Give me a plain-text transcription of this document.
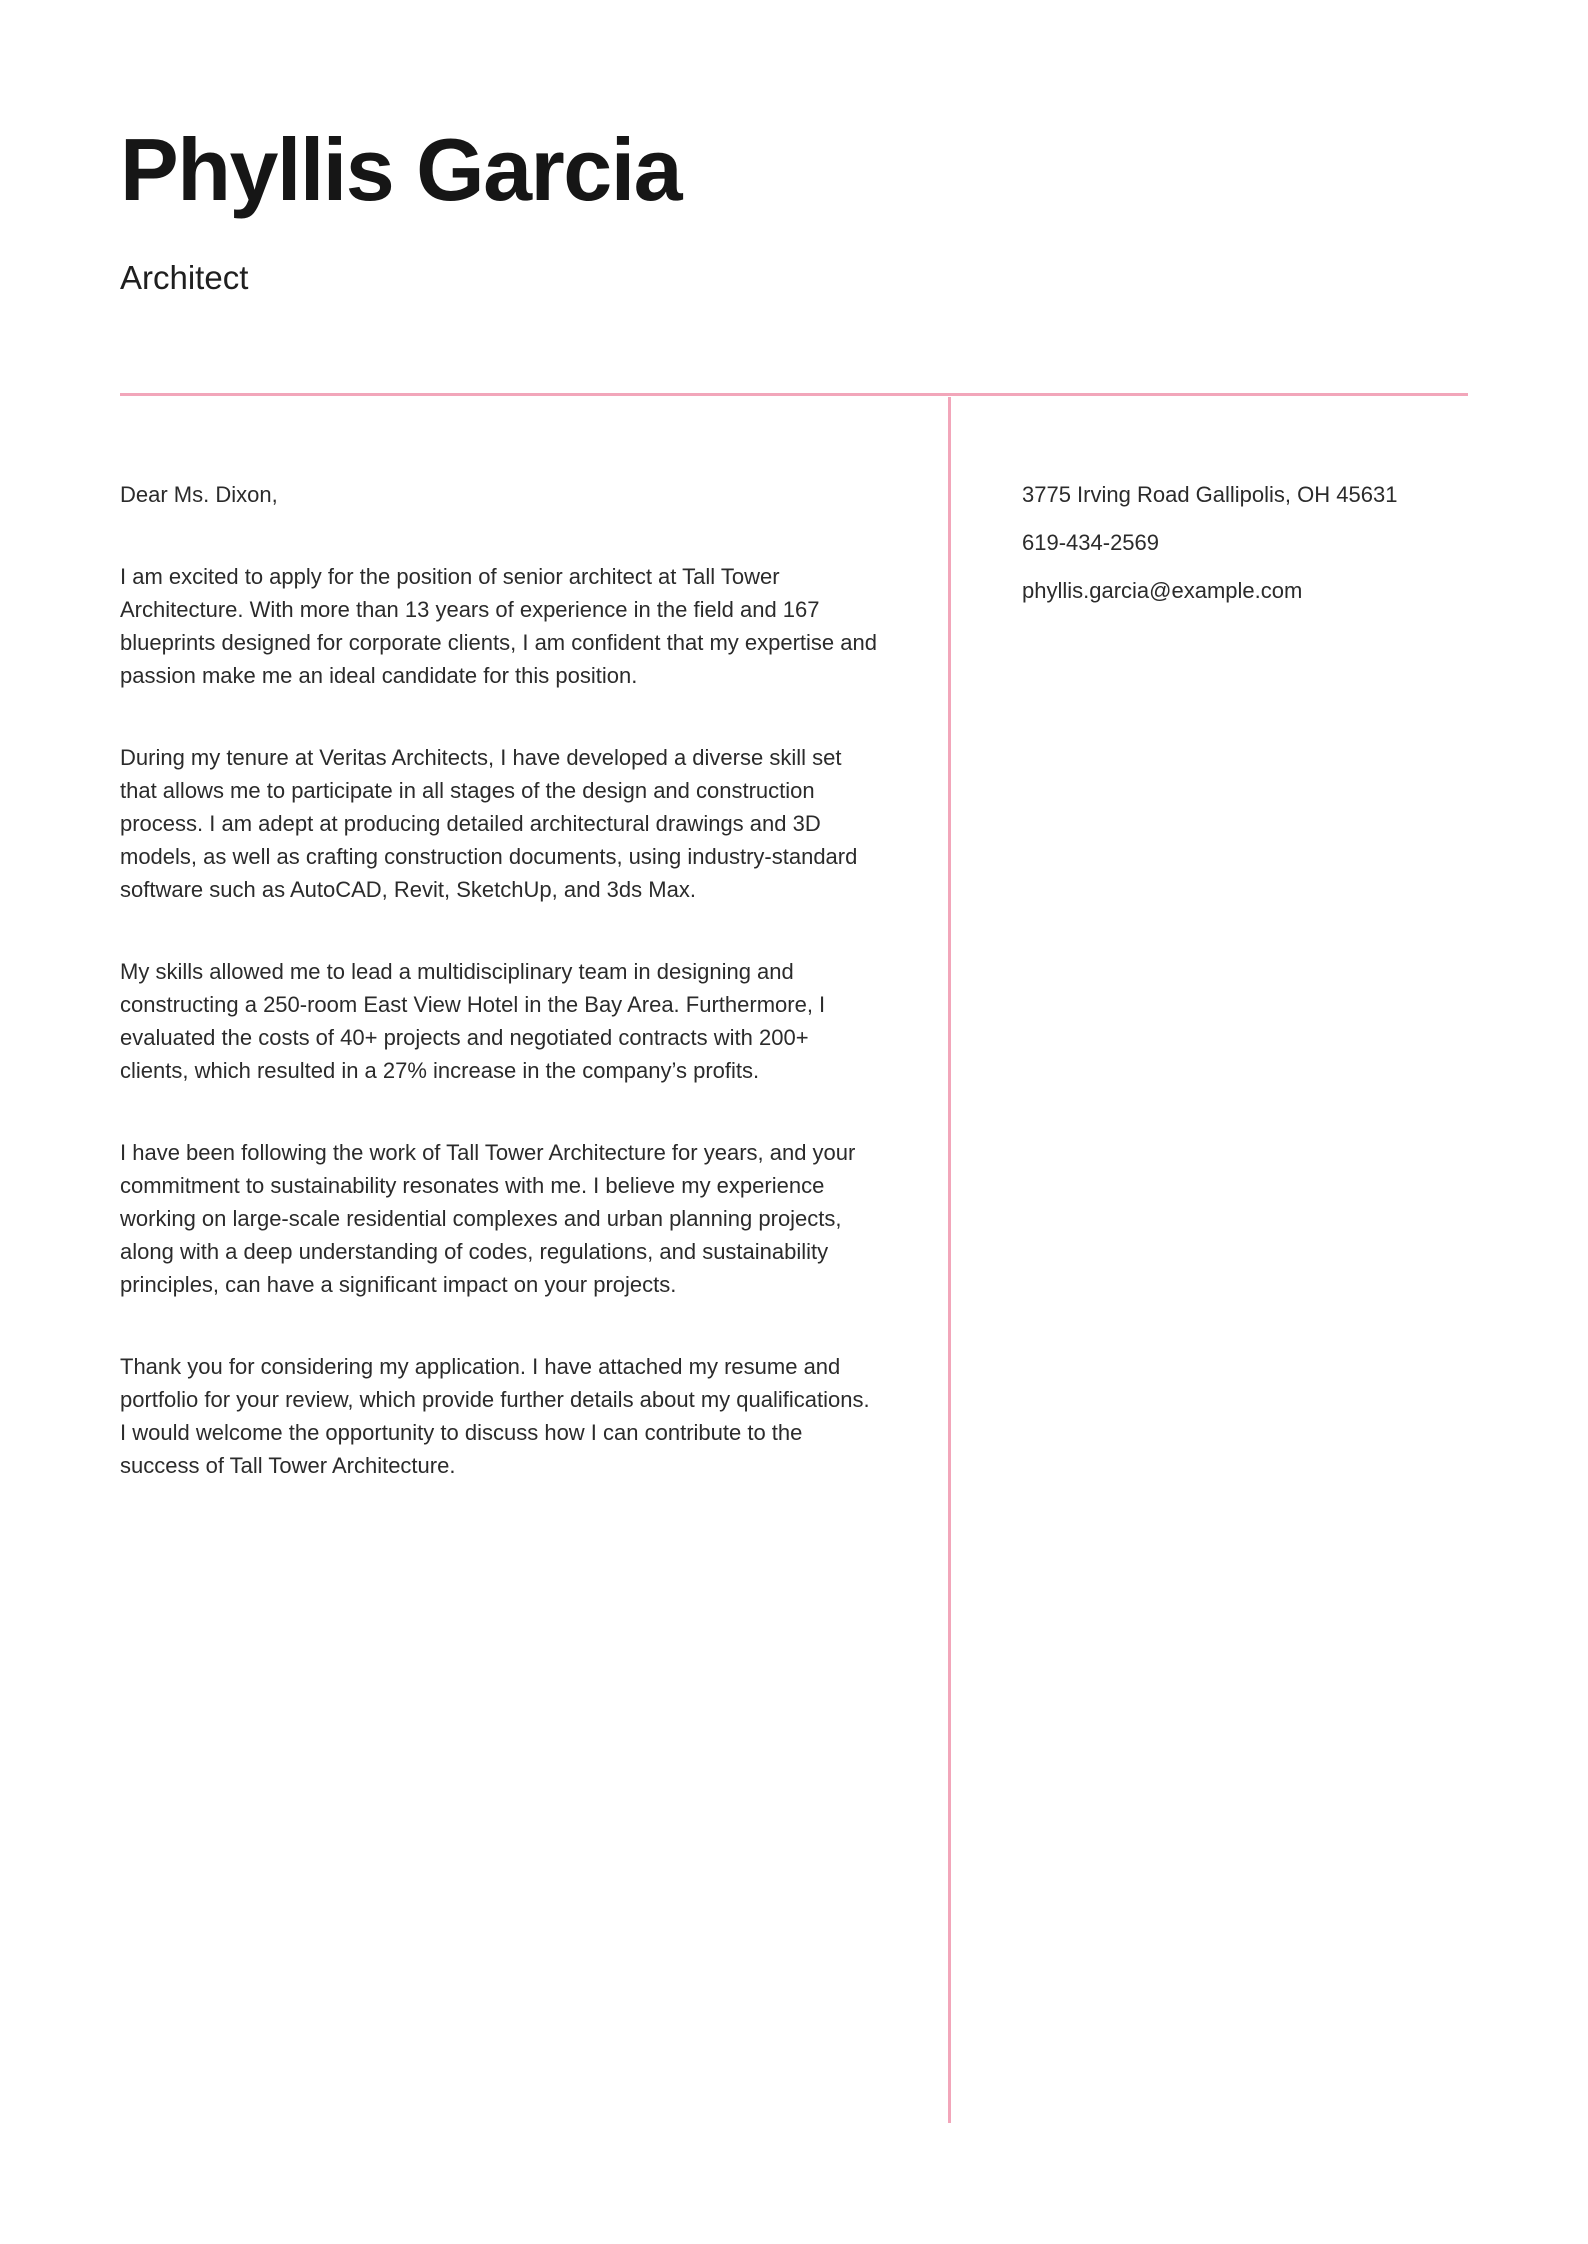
Phyllis Garcia
Architect
Dear Ms. Dixon,

I am excited to apply for the position of senior architect at Tall Tower Architecture. With more than 13 years of experience in the field and 167 blueprints designed for corporate clients, I am confident that my expertise and passion make me an ideal candidate for this position.

During my tenure at Veritas Architects, I have developed a diverse skill set that allows me to participate in all stages of the design and construction process. I am adept at producing detailed architectural drawings and 3D models, as well as crafting construction documents, using industry-standard software such as AutoCAD, Revit, SketchUp, and 3ds Max.

My skills allowed me to lead a multidisciplinary team in designing and constructing a 250-room East View Hotel in the Bay Area. Furthermore, I evaluated the costs of 40+ projects and negotiated contracts with 200+ clients, which resulted in a 27% increase in the company’s profits.

I have been following the work of Tall Tower Architecture for years, and your commitment to sustainability resonates with me. I believe my experience working on large-scale residential complexes and urban planning projects, along with a deep understanding of codes, regulations, and sustainability principles, can have a significant impact on your projects.

Thank you for considering my application. I have attached my resume and portfolio for your review, which provide further details about my qualifications. I would welcome the opportunity to discuss how I can contribute to the success of Tall Tower Architecture.

3775 Irving Road Gallipolis, OH 45631
619-434-2569
phyllis.garcia@example.com
